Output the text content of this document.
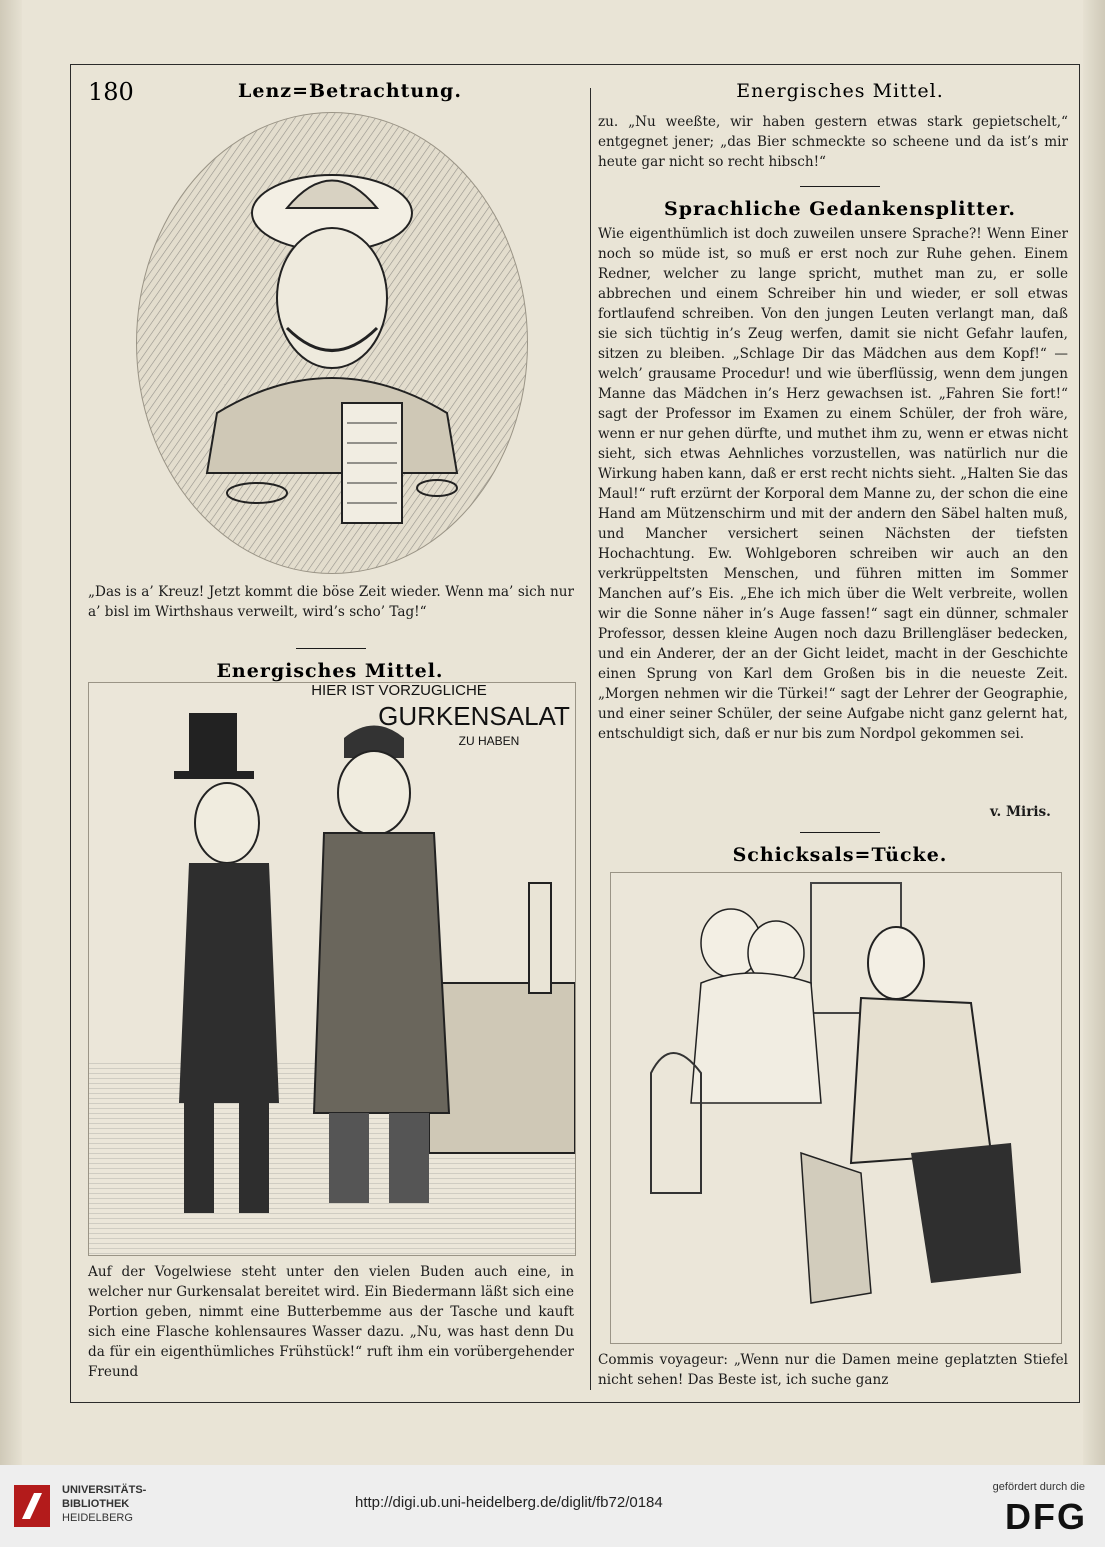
180	Lenz=Betrachtung.
„Das is a’ Kreuz! Jetzt kommt die böse Zeit wieder. Wenn ma’ sich nur a’ bisl im Wirthshaus verweilt, wird’s scho’ Tag!“
Energisches Mittel.
HIER IST VORZUGLICHE
GURKENSALAT
ZU HABEN
Auf der Vogelwiese steht unter den vielen Buden auch eine, in welcher nur Gurkensalat bereitet wird. Ein Biedermann läßt sich eine Portion geben, nimmt eine Butterbemme aus der Tasche und kauft sich eine Flasche kohlensaures Wasser dazu. „Nu, was hast denn Du da für ein eigenthümliches Frühstück!“ ruft ihm ein vorübergehender Freund
Energisches Mittel.
zu. „Nu weeßte, wir haben gestern etwas stark gepietschelt,“ entgegnet jener; „das Bier schmeckte so scheene und da ist’s mir heute gar nicht so recht hibsch!“
Sprachliche Gedankensplitter.
Wie eigenthümlich ist doch zuweilen unsere Sprache?! Wenn Einer noch so müde ist, so muß er erst noch zur Ruhe gehen. Einem Redner, welcher zu lange spricht, muthet man zu, er solle abbrechen und einem Schreiber hin und wieder, er soll etwas fortlaufend schreiben. Von den jungen Leuten verlangt man, daß sie sich tüchtig in’s Zeug werfen, damit sie nicht Gefahr laufen, sitzen zu bleiben. „Schlage Dir das Mädchen aus dem Kopf!“ — welch’ grausame Procedur! und wie überflüssig, wenn dem jungen Manne das Mädchen in’s Herz gewachsen ist. „Fahren Sie fort!“ sagt der Professor im Examen zu einem Schüler, der froh wäre, wenn er nur gehen dürfte, und muthet ihm zu, wenn er etwas nicht sieht, sich etwas Aehnliches vorzustellen, was natürlich nur die Wirkung haben kann, daß er erst recht nichts sieht. „Halten Sie das Maul!“ ruft erzürnt der Korporal dem Manne zu, der schon die eine Hand am Mützenschirm und mit der andern den Säbel halten muß, und Mancher versichert seinen Nächsten der tiefsten Hochachtung. Ew. Wohlgeboren schreiben wir auch an den verkrüppeltsten Menschen, und führen mitten im Sommer Manchen auf’s Eis. „Ehe ich mich über die Welt verbreite, wollen wir die Sonne näher in’s Auge fassen!“ sagt ein dünner, schmaler Professor, dessen kleine Augen noch dazu Brillengläser bedecken, und ein Anderer, der an der Gicht leidet, macht in der Geschichte einen Sprung von Karl dem Großen bis in die neueste Zeit. „Morgen nehmen wir die Türkei!“ sagt der Lehrer der Geographie, und einer seiner Schüler, der seine Aufgabe nicht ganz gelernt hat, entschuldigt sich, daß er nur bis zum Nordpol gekommen sei.
v. Miris.
Schicksals=Tücke.
Commis voyageur: „Wenn nur die Damen meine geplatzten Stiefel nicht sehen! Das Beste ist, ich suche ganz
UNIVERSITÄTS-
BIBLIOTHEK
HEIDELBERG
http://digi.ub.uni-heidelberg.de/diglit/fb72/0184
gefördert durch die
DFG
